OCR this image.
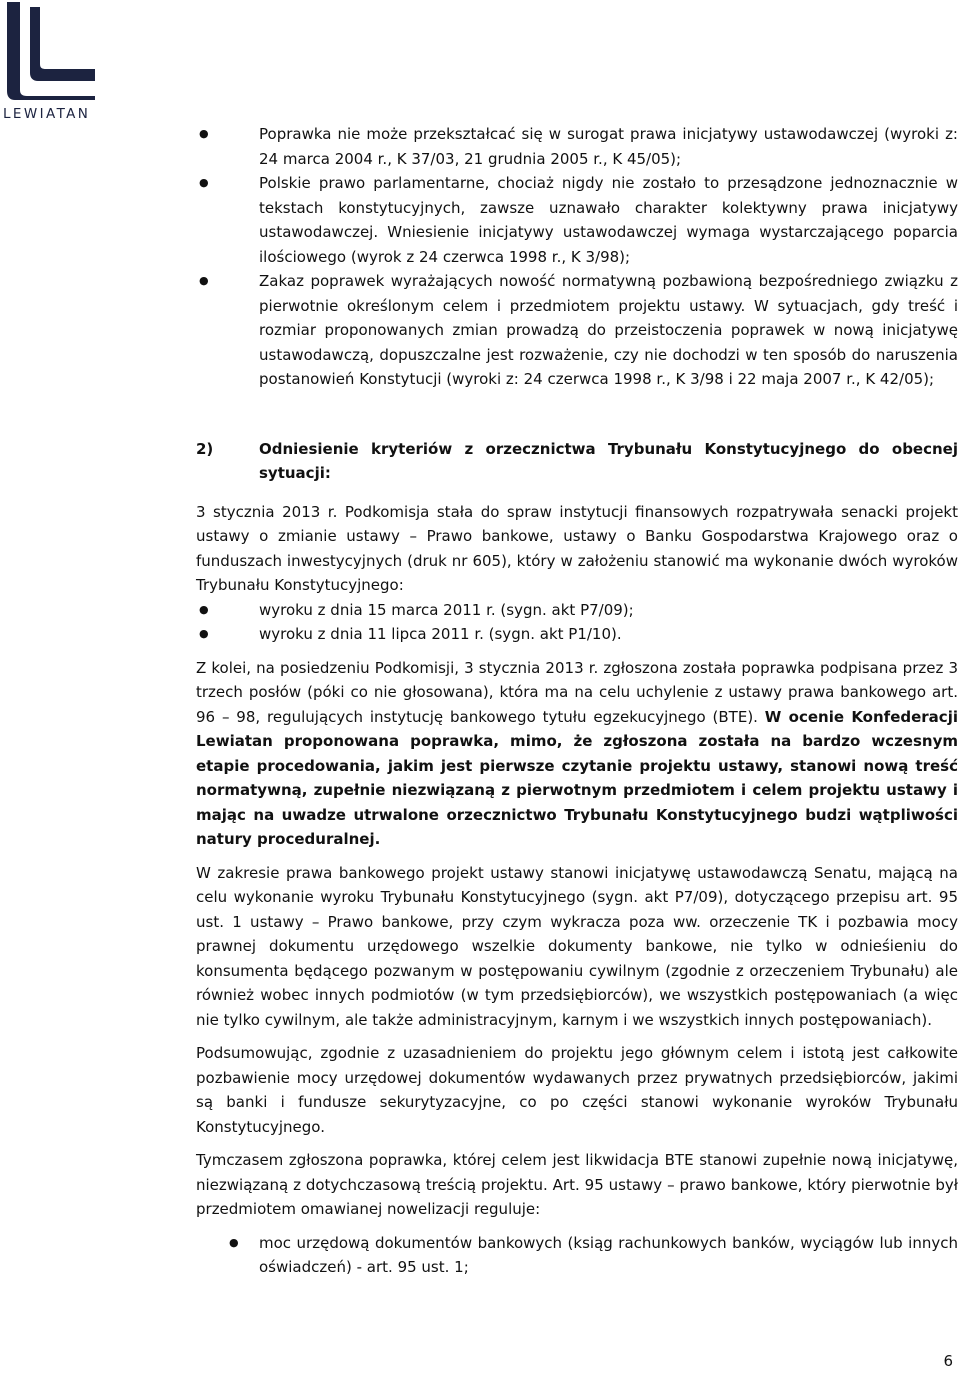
LEWIATAN
●	Poprawka nie może przekształcać się w surogat prawa inicjatywy ustawodawczej (wyroki z: 24 marca 2004 r., K 37/03, 21 grudnia 2005 r., K 45/05);
●	Polskie prawo parlamentarne, chociaż nigdy nie zostało to przesądzone jednoznacznie w tekstach konstytucyjnych, zawsze uznawało charakter kolektywny prawa inicjatywy ustawodawczej. Wniesienie inicjatywy ustawodawczej wymaga wystarczającego poparcia ilościowego (wyrok z 24 czerwca 1998 r., K 3/98);
●	Zakaz poprawek wyrażających nowość normatywną pozbawioną bezpośredniego związku z pierwotnie określonym celem i przedmiotem projektu ustawy. W sytuacjach, gdy treść i rozmiar proponowanych zmian prowadzą do przeistoczenia poprawek w nową inicjatywę ustawodawczą, dopuszczalne jest rozważenie, czy nie dochodzi w ten sposób do naruszenia postanowień Konstytucji (wyroki z: 24 czerwca 1998 r., K 3/98 i 22 maja 2007 r., K 42/05);
2)	Odniesienie kryteriów z orzecznictwa Trybunału Konstytucyjnego do obecnej sytuacji:

3 stycznia 2013 r. Podkomisja stała do spraw instytucji finansowych rozpatrywała senacki projekt ustawy o zmianie ustawy – Prawo bankowe, ustawy o Banku Gospodarstwa Krajowego oraz o funduszach inwestycyjnych (druk nr 605), który w założeniu stanowić ma wykonanie dwóch wyroków Trybunału Konstytucyjnego:

●	wyroku z dnia 15 marca 2011 r. (sygn. akt P7/09);
●	wyroku z dnia 11 lipca 2011 r. (sygn. akt P1/10).

Z kolei, na posiedzeniu Podkomisji, 3 stycznia 2013 r. zgłoszona została poprawka podpisana przez 3 trzech posłów (póki co nie głosowana), która ma na celu uchylenie z ustawy prawa bankowego art. 96 – 98, regulujących instytucję bankowego tytułu egzekucyjnego (BTE). W ocenie Konfederacji Lewiatan proponowana poprawka, mimo, że zgłoszona została na bardzo wczesnym etapie procedowania, jakim jest pierwsze czytanie projektu ustawy, stanowi nową treść normatywną, zupełnie niezwiązaną z pierwotnym przedmiotem i celem projektu ustawy i mając na uwadze utrwalone orzecznictwo Trybunału Konstytucyjnego budzi wątpliwości natury proceduralnej.

W zakresie prawa bankowego projekt ustawy stanowi inicjatywę ustawodawczą Senatu, mającą na celu wykonanie wyroku Trybunału Konstytucyjnego (sygn. akt P7/09), dotyczącego przepisu art. 95 ust. 1 ustawy – Prawo bankowe, przy czym wykracza poza ww. orzeczenie TK i pozbawia mocy prawnej dokumentu urzędowego wszelkie dokumenty bankowe, nie tylko w odnieśieniu do konsumenta będącego pozwanym w postępowaniu cywilnym (zgodnie z orzeczeniem Trybunału) ale również wobec innych podmiotów (w tym przedsiębiorców), we wszystkich postępowaniach (a więc nie tylko cywilnym, ale także administracyjnym, karnym i we wszystkich innych postępowaniach).

Podsumowując, zgodnie z uzasadnieniem do projektu jego głównym celem i istotą jest całkowite pozbawienie mocy urzędowej dokumentów wydawanych przez prywatnych przedsiębiorców, jakimi są banki i fundusze sekurytyzacyjne, co po części stanowi wykonanie wyroków Trybunału Konstytucyjnego.

Tymczasem zgłoszona poprawka, której celem jest likwidacja BTE stanowi zupełnie nową inicjatywę, niezwiązaną z dotychczasową treścią projektu. Art. 95 ustawy – prawo bankowe, który pierwotnie był przedmiotem omawianej nowelizacji reguluje:

● moc urzędową dokumentów bankowych (ksiąg rachunkowych banków, wyciągów lub innych oświadczeń) - art. 95 ust. 1;
6
